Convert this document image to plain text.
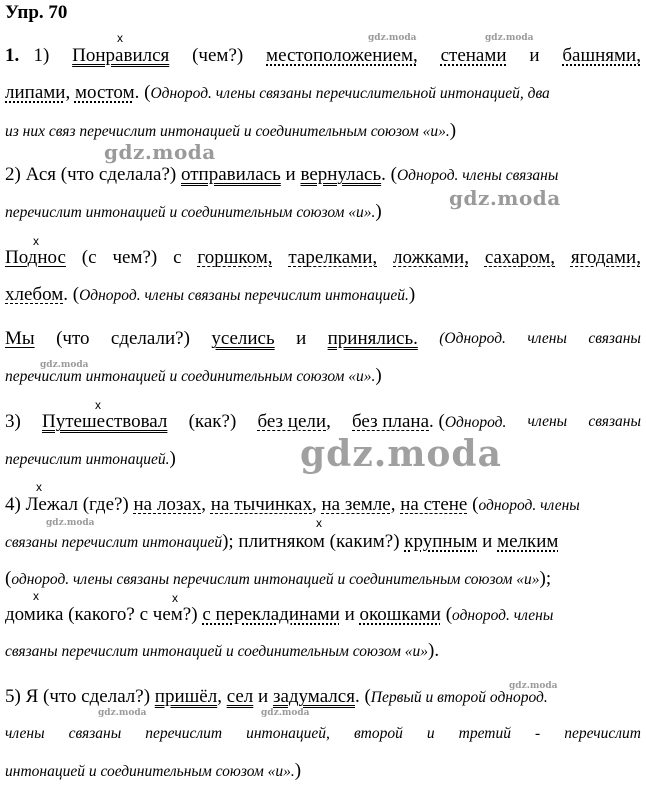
Упр. 70
x
x
x
x
x
x	x
gdz.moda	gdz.moda
gdz.moda
gdz.moda
gdz.moda
gdz.moda
gdz.moda
gdz.moda
gdz.moda	gdz.moda
1. 1) Понравился (чем?) местоположением, стенами и башнями,
липами, мостом. (Однород. члены связаны перечислительной интонацией, два
из них связ перечислит интонацией и соединительным союзом «и».)
2) Ася (что сделала?) отправилась и вернулась. (Однород. члены связаны
перечислит интонацией и соединительным союзом «и».)
Поднос (с чем?) с горшком, тарелками, ложками, сахаром, ягодами,
хлебом. (Однород. члены связаны перечислит интонацией.)
Мы (что сделали?) уселись и принялись. (Однород. члены связаны
перечислит интонацией и соединительным союзом «и».)
3) Путешествовал (как?) без цели, без плана. (Однород. члены связаны
перечислит интонацией.)
4) Лежал (где?) на лозах, на тычинках, на земле, на стене (однород. члены
связаны перечислит интонацией); плитняком (каким?) крупным и мелким
(однород. члены связаны перечислит интонацией и соединительным союзом «и»);
домика (какого? с чем?) с перекладинами и окошками (однород. члены
связаны перечислит интонацией и соединительным союзом «и»).
5) Я (что сделал?) пришёл, сел и задумался. (Первый и второй однород.
члены связаны перечислит интонацией, второй и третий - перечислит
интонацией и соединительным союзом «и».)
